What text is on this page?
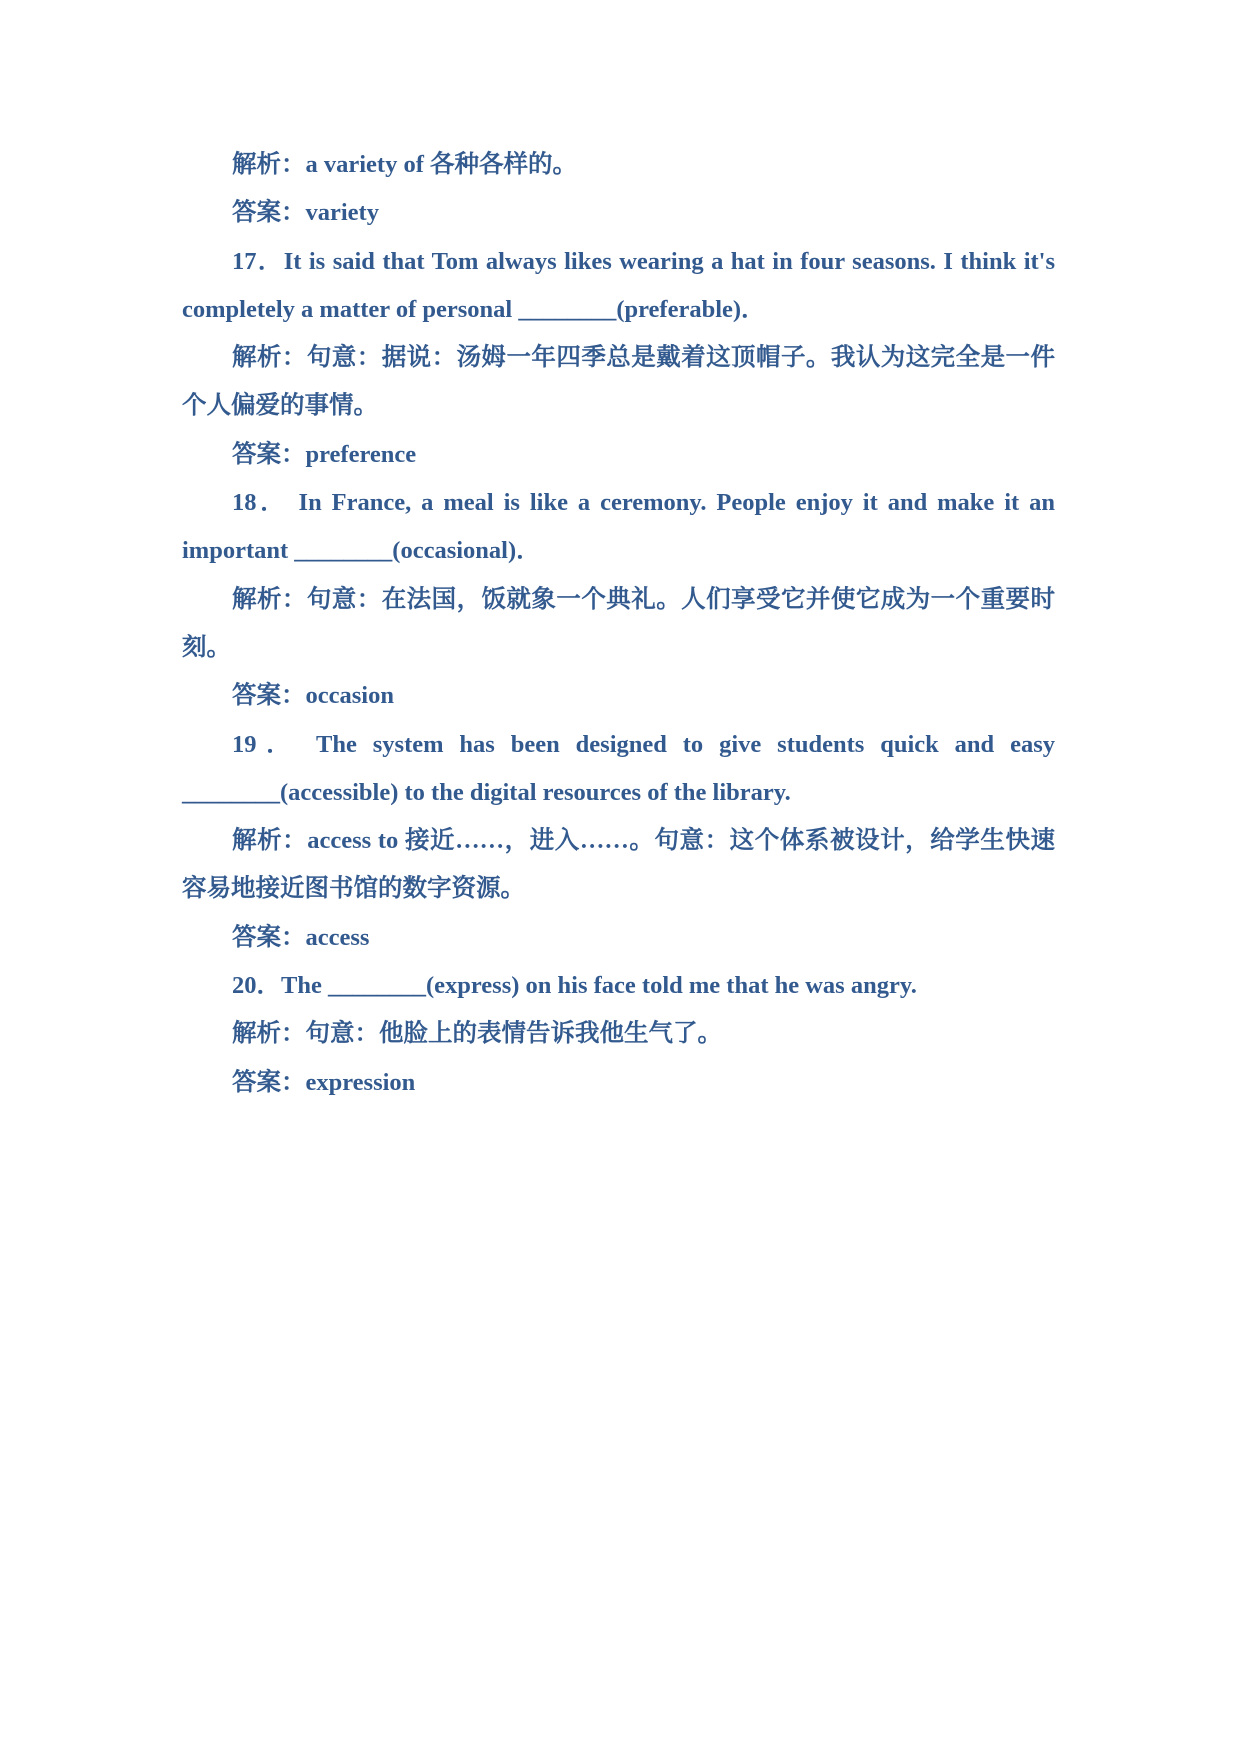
解析：a variety of 各种各样的。
答案：variety
17．It is said that Tom always likes wearing a hat in four seasons. I think it's
completely a matter of personal ________(preferable)．
解析：句意：据说：汤姆一年四季总是戴着这顶帽子。我认为这完全是一件
个人偏爱的事情。
答案：preference
18． In France, a meal is like a ceremony. People enjoy it and make it an
important ________(occasional)．
解析：句意：在法国，饭就象一个典礼。人们享受它并使它成为一个重要时
刻。
答案：occasion
19． The system has been designed to give students quick and easy
________(accessible) to the digital resources of the library.
解析：access to 接近……，进入……。句意：这个体系被设计，给学生快速
容易地接近图书馆的数字资源。
答案：access
20．The ________(express) on his face told me that he was angry.
解析：句意：他脸上的表情告诉我他生气了。
答案：expression
